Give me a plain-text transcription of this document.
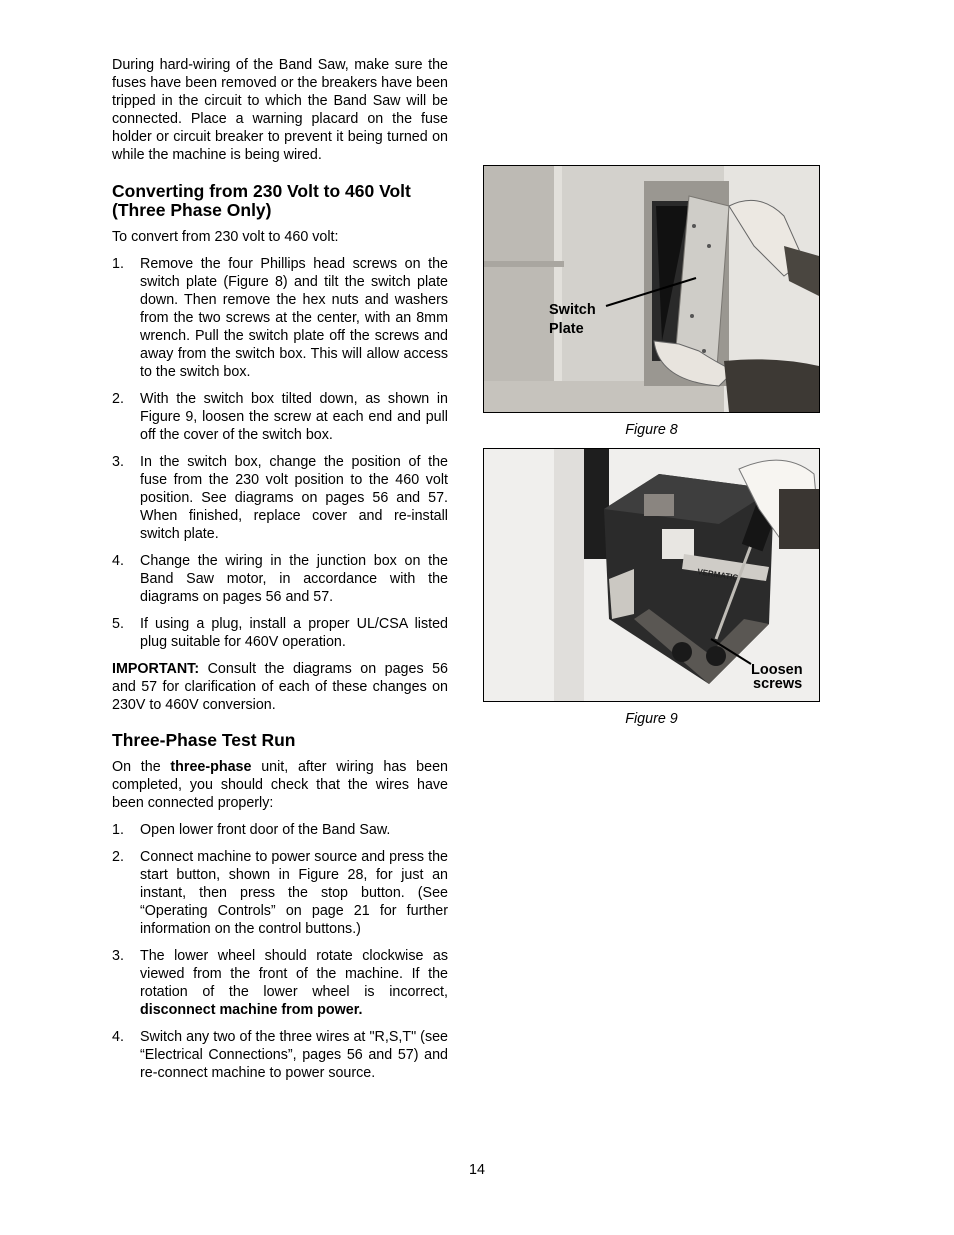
During hard-wiring of the Band Saw, make sure the fuses have been removed or the breakers have been tripped in the circuit to which the Band Saw will be connected. Place a warning placard on the fuse holder or circuit breaker to prevent it being turned on while the machine is being wired.

Converting from 230 Volt to 460 Volt
(Three Phase Only)

To convert from 230 volt to 460 volt:

1. Remove the four Phillips head screws on the switch plate (Figure 8) and tilt the switch plate down. Then remove the hex nuts and washers from the two screws at the center, with an 8mm wrench. Pull the switch plate off the screws and away from the switch box. This will allow access to the switch box.
2. With the switch box tilted down, as shown in Figure 9, loosen the screw at each end and pull off the cover of the switch box.
3. In the switch box, change the position of the fuse from the 230 volt position to the 460 volt position. See diagrams on pages 56 and 57. When finished, replace cover and re-install switch plate.
4. Change the wiring in the junction box on the Band Saw motor, in accordance with the diagrams on pages 56 and 57.
5. If using a plug, install a proper UL/CSA listed plug suitable for 460V operation.

IMPORTANT: Consult the diagrams on pages 56 and 57 for clarification of each of these changes on 230V to 460V conversion.

Three-Phase Test Run

On the three-phase unit, after wiring has been completed, you should check that the wires have been connected properly:

1. Open lower front door of the Band Saw.
2. Connect machine to power source and press the start button, shown in Figure 28, for just an instant, then press the stop button. (See “Operating Controls” on page 21 for further information on the control buttons.)
3. The lower wheel should rotate clockwise as viewed from the front of the machine. If the rotation of the lower wheel is incorrect, disconnect machine from power.
4. Switch any two of the three wires at "R,S,T" (see “Electrical Connections”, pages 56 and 57) and re-connect machine to power source.
Switch
Plate
Figure 8
VERMATIC
Loosen
screws
Figure 9
14
